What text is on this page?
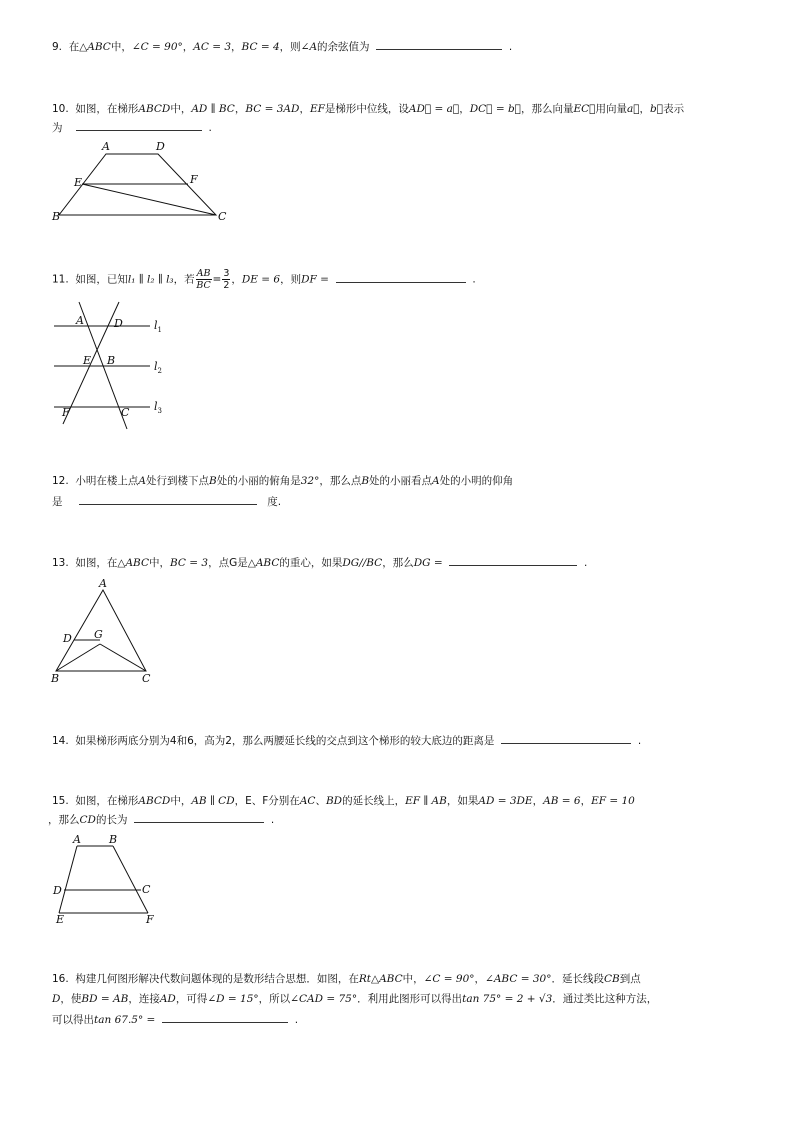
9. 在△ABC中，∠C = 90°，AC = 3，BC = 4，则∠A的余弦值为	.
10. 如图，在梯形ABCD中，AD ∥ BC，BC = 3AD，EF是梯形中位线，设AD⃗ = a⃗，DC⃗ = b⃗，那么向量EC⃗用向量a⃗，b⃗表示
为	.
A	D
E	F
B	C
11. 如图，已知l₁ ∥ l₂ ∥ l₃，若 $\frac{AB}{BC} = \frac{3}{2}$ ，DE = 6，则DF =	.
A	D
E B
F	C
$l_1$
$l_2$
$l_3$
12. 小明在楼上点A处行到楼下点B处的小丽的俯角是32°，那么点B处的小丽看点A处的小明的仰角
是	度.
13. 如图，在△ABC中，BC = 3，点G是△ABC的重心，如果DG//BC，那么DG =	.
A
D G
B	C
14. 如果梯形两底分别为4和6，高为2，那么两腰延长线的交点到这个梯形的较大底边的距离是	.
15. 如图，在梯形ABCD中，AB ∥ CD，E、F分别在AC、BD的延长线上，EF ∥ AB，如果AD = 3DE，AB = 6，EF = 10
，那么CD的长为	.
A	B
D	C
E	F
16. 构建几何图形解决代数问题体现的是数形结合思想．如图，在Rt△ABC中，∠C = 90°，∠ABC = 30°．延长线段CB到点
D，使BD = AB，连接AD，可得∠D = 15°，所以∠CAD = 75°．利用此图形可以得出tan 75° = 2 + √3．通过类比这种方法，
可以得出tan 67.5° =	.
